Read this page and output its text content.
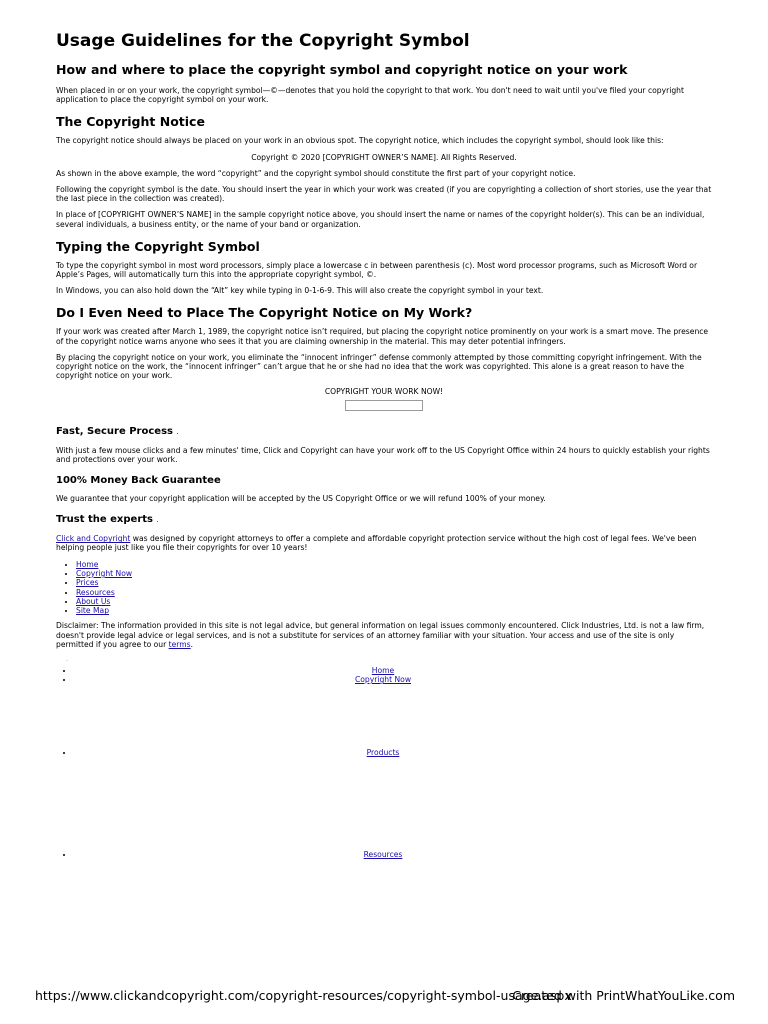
Usage Guidelines for the Copyright Symbol
How and where to place the copyright symbol and copyright notice on your work

When placed in or on your work, the copyright symbol—©—denotes that you hold the copyright to that work. You don't need to wait until you've filed your copyright application to place the copyright symbol on your work.

The Copyright Notice

The copyright notice should always be placed on your work in an obvious spot. The copyright notice, which includes the copyright symbol, should look like this:

Copyright © 2020 [COPYRIGHT OWNER’S NAME]. All Rights Reserved.

As shown in the above example, the word “copyright” and the copyright symbol should constitute the first part of your copyright notice.

Following the copyright symbol is the date. You should insert the year in which your work was created (if you are copyrighting a collection of short stories, use the year that the last piece in the collection was created).

In place of [COPYRIGHT OWNER’S NAME] in the sample copyright notice above, you should insert the name or names of the copyright holder(s). This can be an individual, several individuals, a business entity, or the name of your band or organization.

Typing the Copyright Symbol

To type the copyright symbol in most word processors, simply place a lowercase c in between parenthesis (c). Most word processor programs, such as Microsoft Word or Apple’s Pages, will automatically turn this into the appropriate copyright symbol, ©.

In Windows, you can also hold down the “Alt” key while typing in 0-1-6-9. This will also create the copyright symbol in your text.

Do I Even Need to Place The Copyright Notice on My Work?

If your work was created after March 1, 1989, the copyright notice isn’t required, but placing the copyright notice prominently on your work is a smart move. The presence of the copyright notice warns anyone who sees it that you are claiming ownership in the material. This may deter potential infringers.

By placing the copyright notice on your work, you eliminate the “innocent infringer” defense commonly attempted by those committing copyright infringement. With the copyright notice on the work, the “innocent infringer” can’t argue that he or she had no idea that the work was copyrighted. This alone is a great reason to have the copyright notice on your work.

COPYRIGHT YOUR WORK NOW!

Fast, Secure Process .

With just a few mouse clicks and a few minutes' time, Click and Copyright can have your work off to the US Copyright Office within 24 hours to quickly establish your rights and protections over your work.

100% Money Back Guarantee

We guarantee that your copyright application will be accepted by the US Copyright Office or we will refund 100% of your money.

Trust the experts .

Click and Copyright was designed by copyright attorneys to offer a complete and affordable copyright protection service without the high cost of legal fees. We've been helping people just like you file their copyrights for over 10 years!

• Home
• Copyright Now
• Prices
• Resources
• About Us
• Site Map

Disclaimer: The information provided in this site is not legal advice, but general information on legal issues commonly encountered. Click Industries, Ltd. is not a law firm, doesn't provide legal advice or legal services, and is not a substitute for services of an attorney familiar with your situation. Your access and use of the site is only permitted if you agree to our terms.

.
• Home
• Copyright Now
• Products
• Resources
https://www.clickandcopyright.com/copyright-resources/copyright-symbol-usage.aspx
Created with PrintWhatYouLike.com
